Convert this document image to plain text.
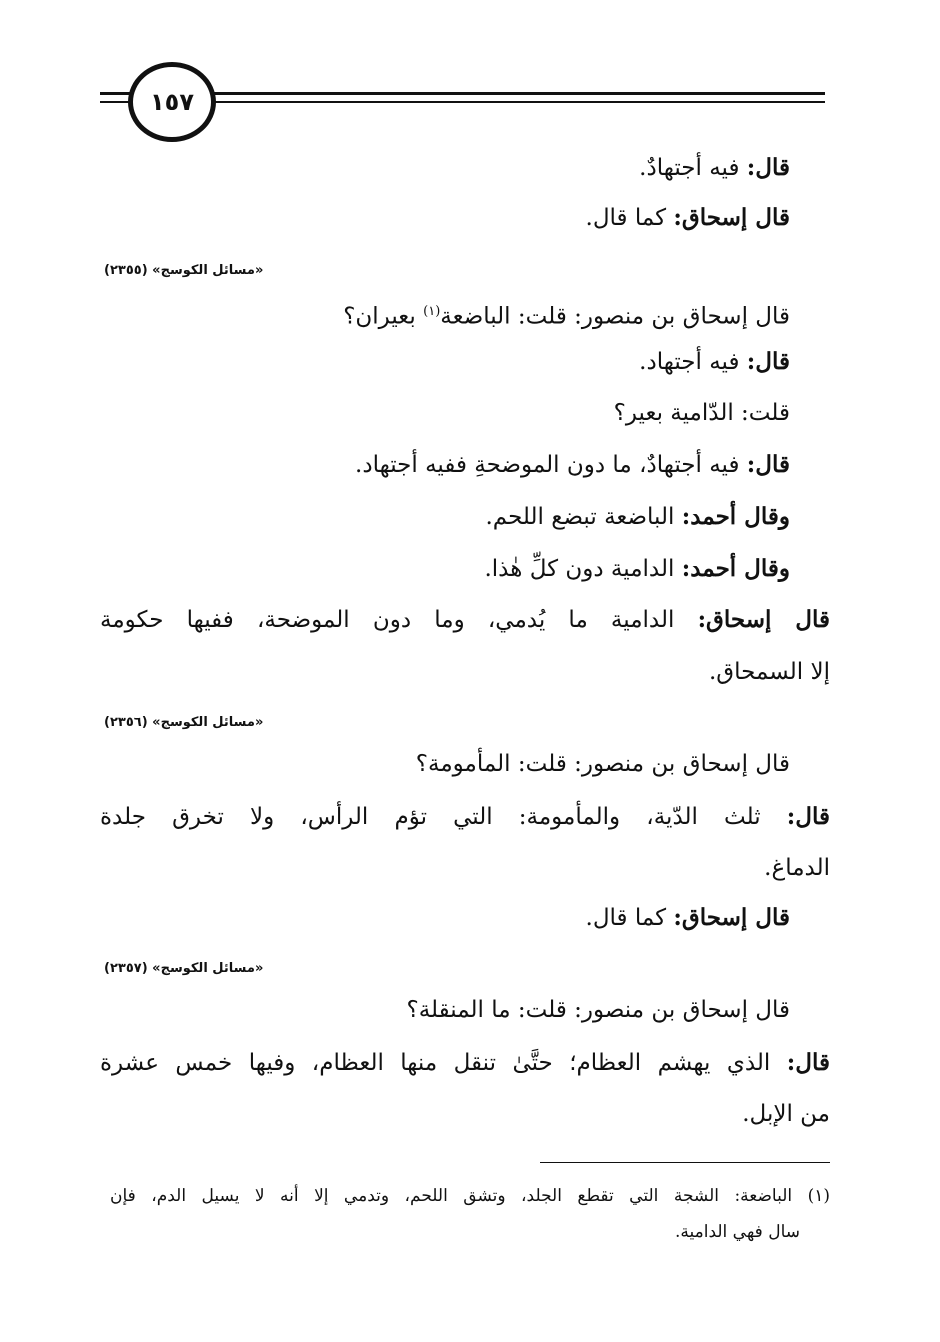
١٥٧
قال: فيه أجتهادٌ.
قال إسحاق: كما قال.
«مسائل الكوسج» (٢٣٥٥)
قال إسحاق بن منصور: قلت: الباضعة$^{(١)}$ بعيران؟
قال: فيه أجتهاد.
قلت: الدّامية بعير؟
قال: فيه أجتهادٌ، ما دون الموضحةِ ففيه أجتهاد.
وقال أحمد: الباضعة تبضع اللحم.
وقال أحمد: الدامية دون كلِّ هٰذا.
قال إسحاق: الدامية ما يُدمي، وما دون الموضحة، ففيها حكومة
إلا السمحاق.
«مسائل الكوسج» (٢٣٥٦)
قال إسحاق بن منصور: قلت: المأمومة؟
قال: ثلث الدّية، والمأمومة: التي تؤم الرأس، ولا تخرق جلدة
الدماغ.
قال إسحاق: كما قال.
«مسائل الكوسج» (٢٣٥٧)
قال إسحاق بن منصور: قلت: ما المنقلة؟
قال: الذي يهشم العظام؛ حتَّىٰ تنقل منها العظام، وفيها خمس عشرة
من الإبل.
(١) الباضعة: الشجة التي تقطع الجلد، وتشق اللحم، وتدمي إلا أنه لا يسيل الدم، فإن
سال فهي الدامية.
